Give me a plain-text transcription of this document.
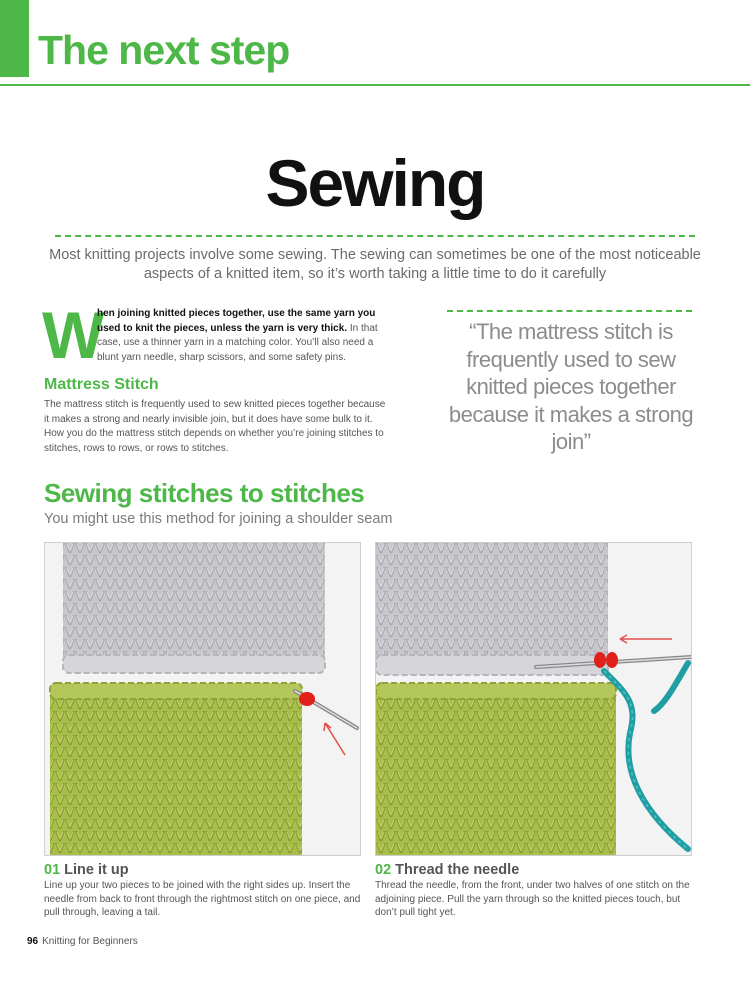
The next step
Sewing
Most knitting projects involve some sewing. The sewing can sometimes be one of the most noticeable aspects of a knitted item, so it’s worth taking a little time to do it carefully
W
hen joining knitted pieces together, use the same yarn you used to knit the pieces, unless the yarn is very thick. In that case, use a thinner yarn in a matching color. You’ll also need a blunt yarn needle, sharp scissors, and some safety pins.
Mattress Stitch
The mattress stitch is frequently used to sew knitted pieces together because it makes a strong and nearly invisible join, but it does have some bulk to it. How you do the mattress stitch depends on whether you’re joining stitches to stitches, rows to rows, or rows to stitches.
“The mattress stitch is frequently used to sew knitted pieces together because it makes a strong join”
Sewing stitches to stitches
You might use this method for joining a shoulder seam
01 Line it up
Line up your two pieces to be joined with the right sides up. Insert the needle from back to front through the rightmost stitch on one piece, and pull through, leaving a tail.
02 Thread the needle
Thread the needle, from the front, under two halves of one stitch on the adjoining piece. Pull the yarn through so the knitted pieces touch, but don’t pull tight yet.
96 Knitting for Beginners
